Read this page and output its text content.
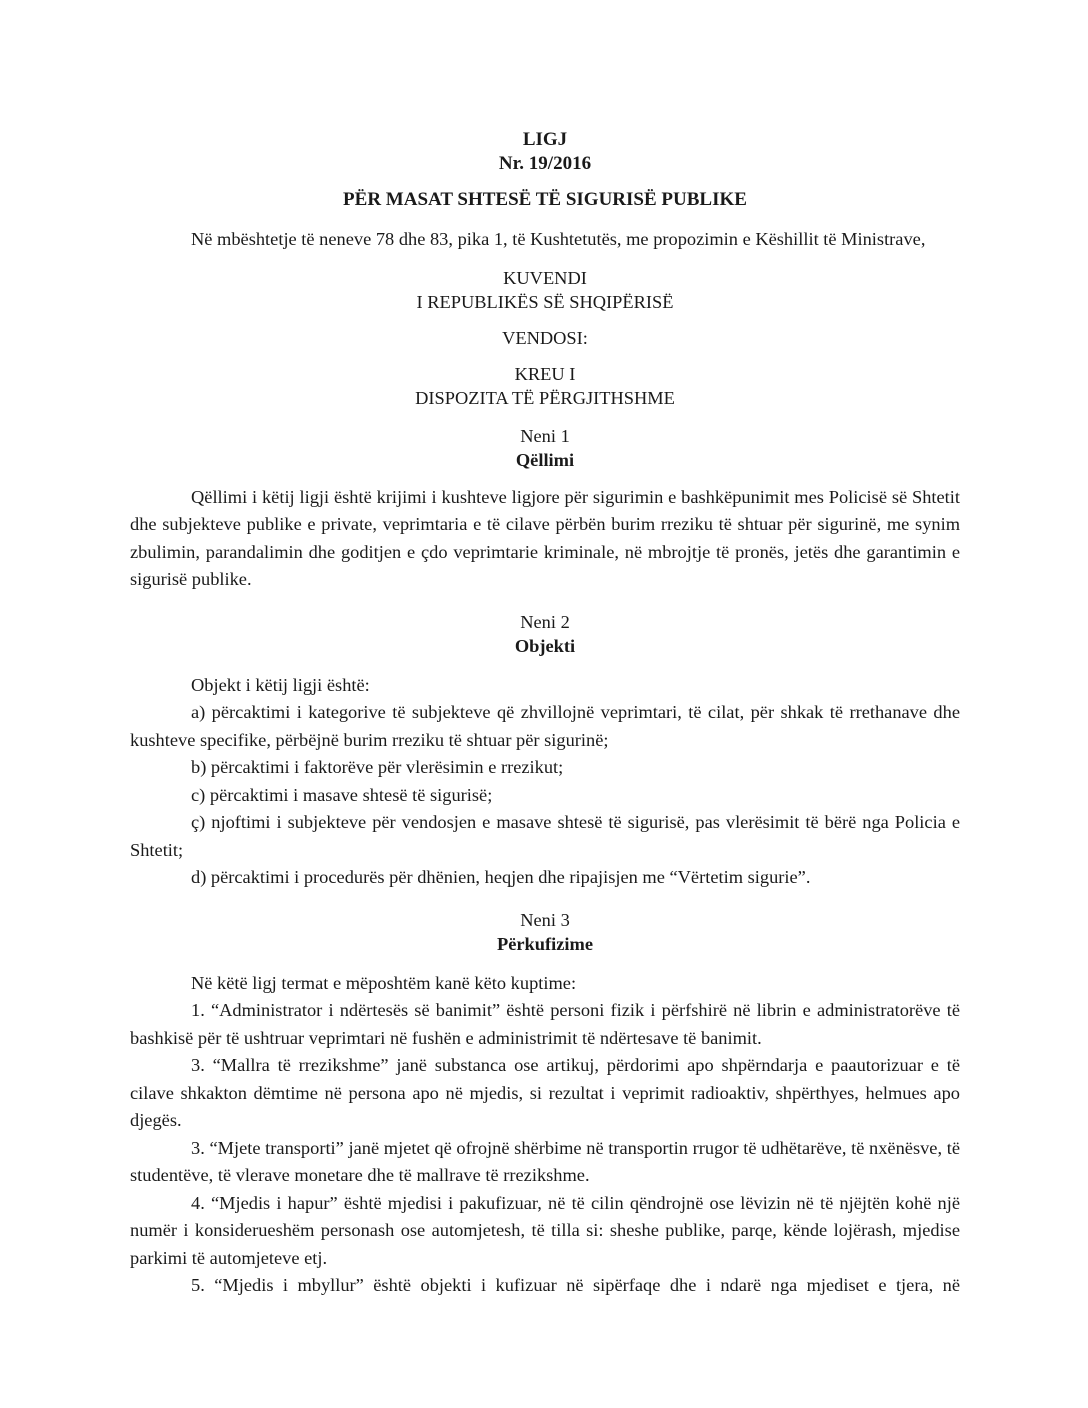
LIGJ
Nr. 19/2016
PËR MASAT SHTESË TË SIGURISË PUBLIKE

Në mbështetje të neneve 78 dhe 83, pika 1, të Kushtetutës, me propozimin e Këshillit të Ministrave,

KUVENDI
I REPUBLIKËS SË SHQIPËRISË
VENDOSI:
KREU I
DISPOZITA TË PËRGJITHSHME
Neni 1
Qëllimi

Qëllimi i këtij ligji është krijimi i kushteve ligjore për sigurimin e bashkëpunimit mes Policisë së Shtetit dhe subjekteve publike e private, veprimtaria e të cilave përbën burim rreziku të shtuar për sigurinë, me synim zbulimin, parandalimin dhe goditjen e çdo veprimtarie kriminale, në mbrojtje të pronës, jetës dhe garantimin e sigurisë publike.

Neni 2
Objekti

Objekt i këtij ligji është:

a) përcaktimi i kategorive të subjekteve që zhvillojnë veprimtari, të cilat, për shkak të rrethanave dhe kushteve specifike, përbëjnë burim rreziku të shtuar për sigurinë;

b) përcaktimi i faktorëve për vlerësimin e rrezikut;

c) përcaktimi i masave shtesë të sigurisë;

ç) njoftimi i subjekteve për vendosjen e masave shtesë të sigurisë, pas vlerësimit të bërë nga Policia e Shtetit;

d) përcaktimi i procedurës për dhënien, heqjen dhe ripajisjen me “Vërtetim sigurie”.

Neni 3
Përkufizime

Në këtë ligj termat e mëposhtëm kanë këto kuptime:

1. “Administrator i ndërtesës së banimit” është personi fizik i përfshirë në librin e administratorëve të bashkisë për të ushtruar veprimtari në fushën e administrimit të ndërtesave të banimit.

3. “Mallra të rrezikshme” janë substanca ose artikuj, përdorimi apo shpërndarja e paautorizuar e të cilave shkakton dëmtime në persona apo në mjedis, si rezultat i veprimit radioaktiv, shpërthyes, helmues apo djegës.

3. “Mjete transporti” janë mjetet që ofrojnë shërbime në transportin rrugor të udhëtarëve, të nxënësve, të studentëve, të vlerave monetare dhe të mallrave të rrezikshme.

4. “Mjedis i hapur” është mjedisi i pakufizuar, në të cilin qëndrojnë ose lëvizin në të njëjtën kohë një numër i konsiderueshëm personash ose automjetesh, të tilla si: sheshe publike, parqe, kënde lojërash, mjedise parkimi të automjeteve etj.

5. “Mjedis i mbyllur” është objekti i kufizuar në sipërfaqe dhe i ndarë nga mjediset e tjera, në
